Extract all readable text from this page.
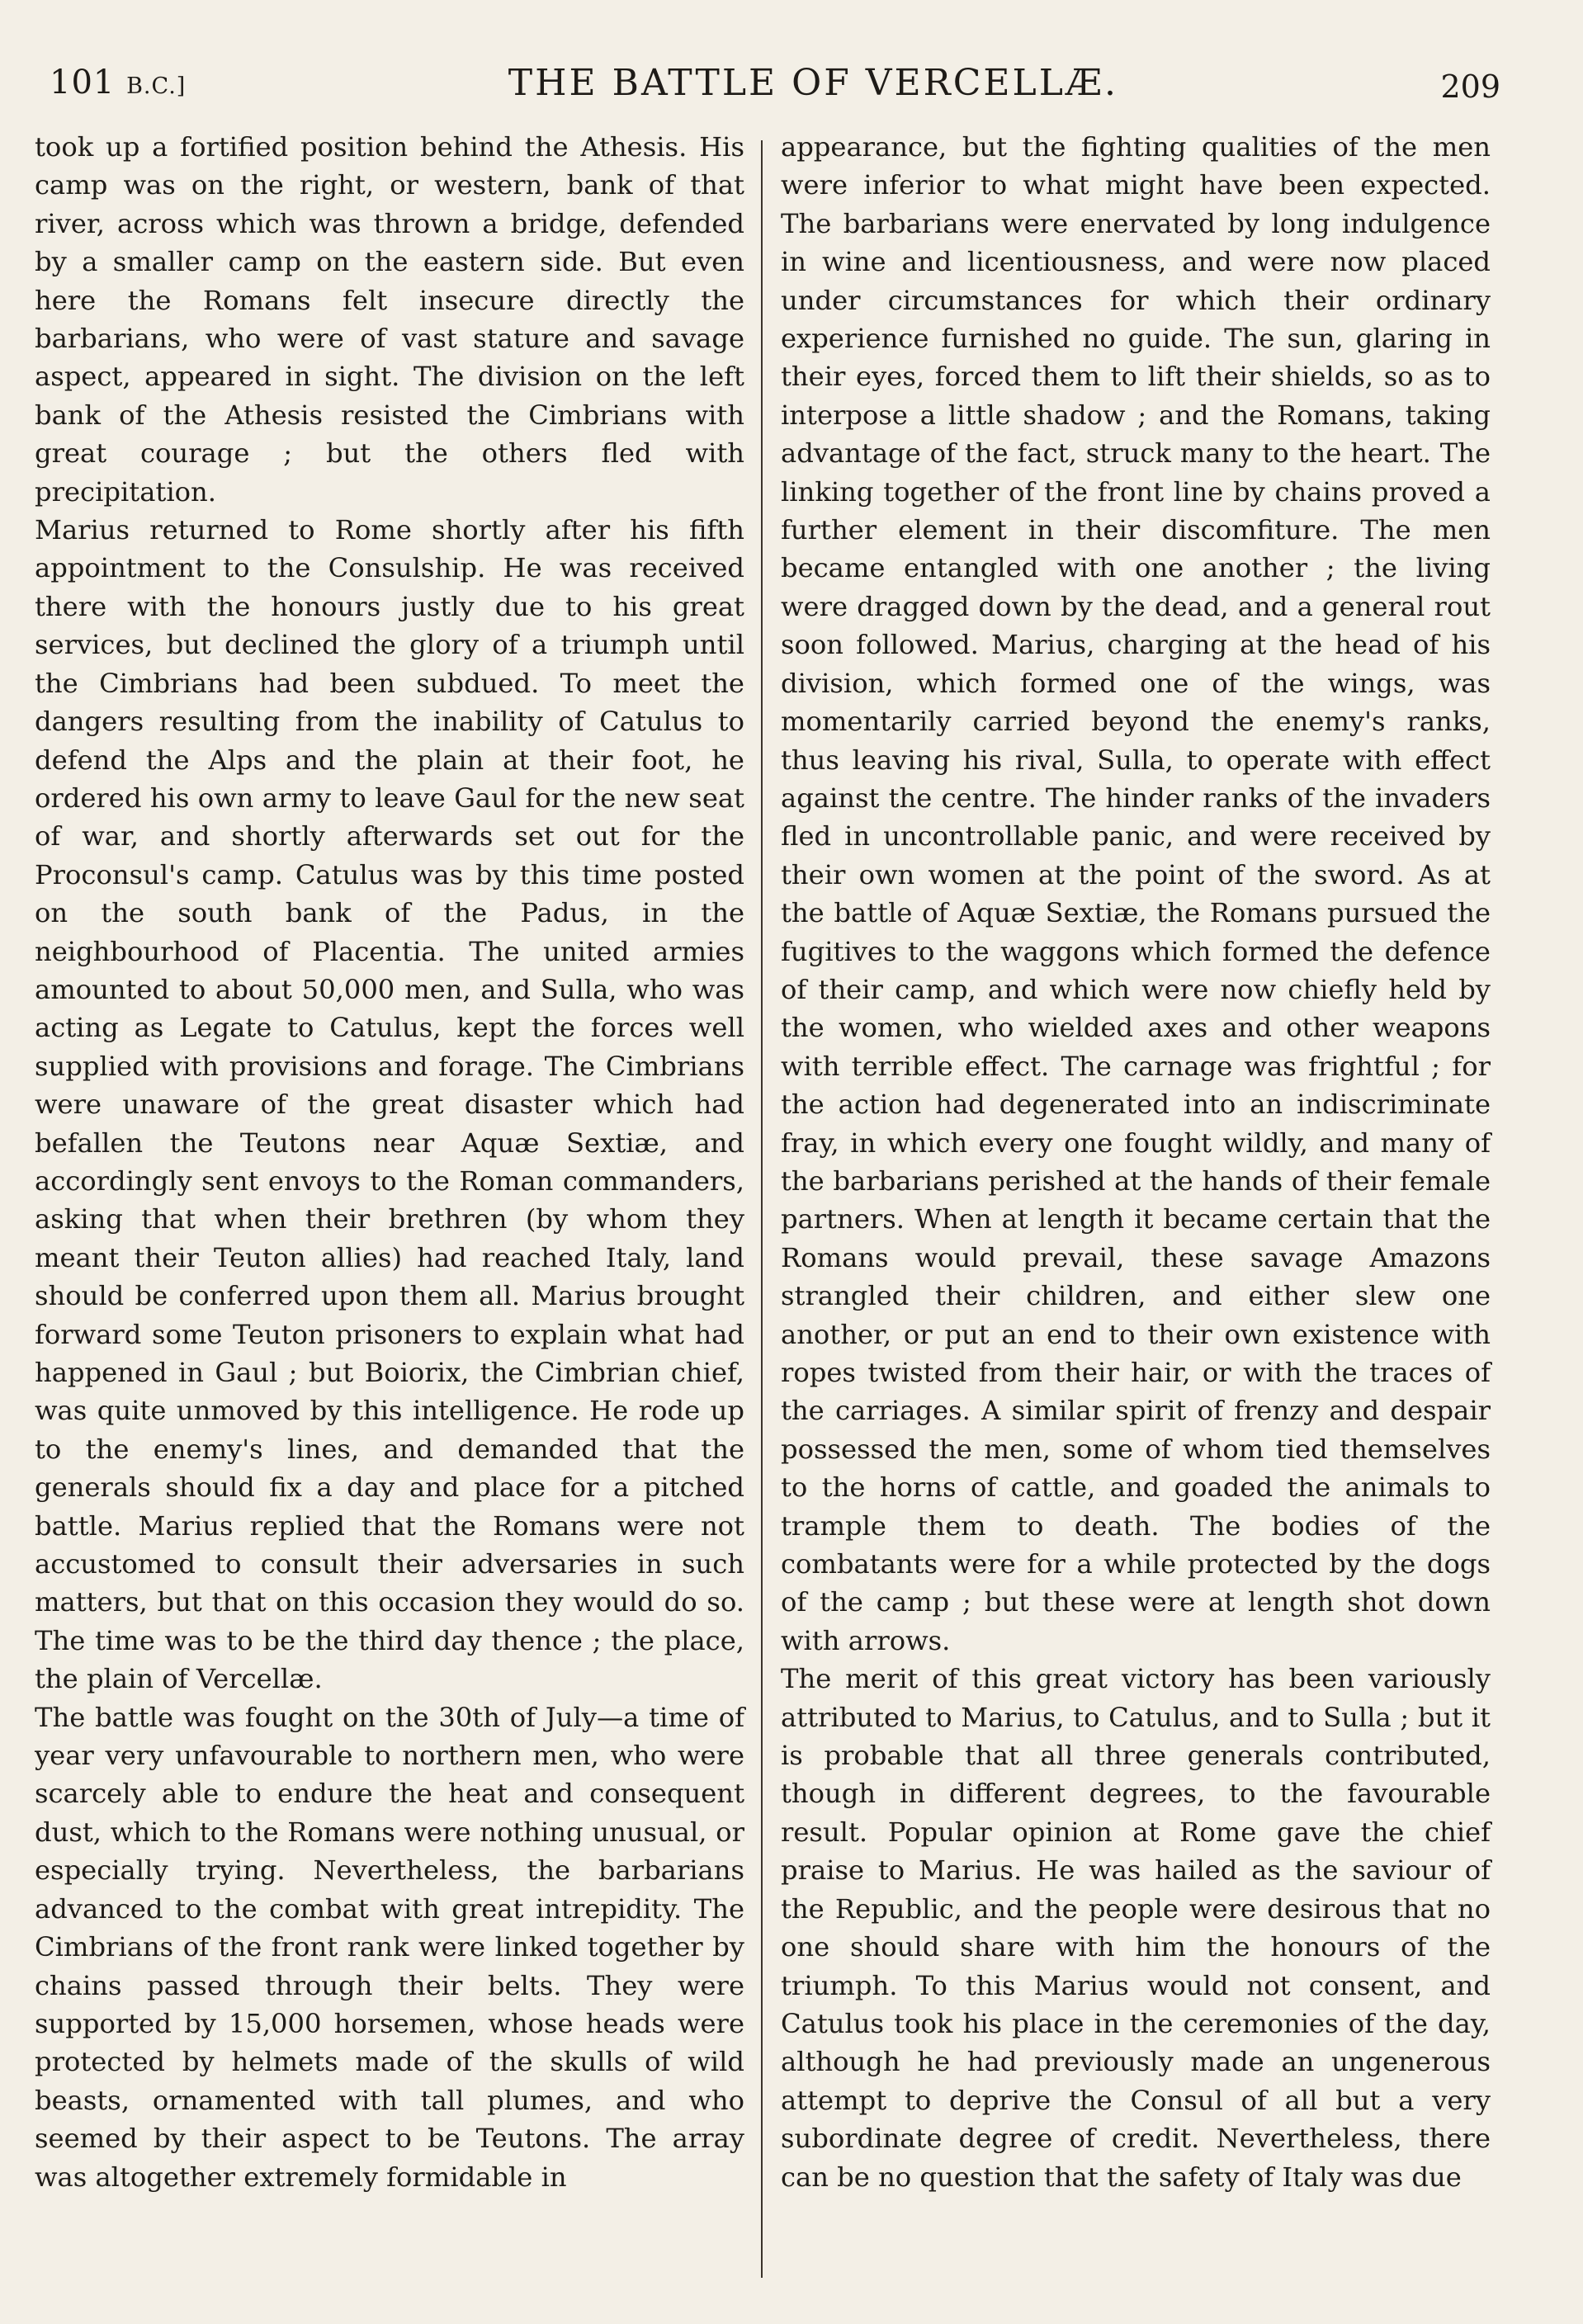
101 B.C.]	THE BATTLE OF VERCELLÆ.	209

took up a fortified position behind the Athesis. His camp was on the right, or western, bank of that river, across which was thrown a bridge, defended by a smaller camp on the eastern side. But even here the Romans felt insecure directly the barbarians, who were of vast stature and savage aspect, appeared in sight. The division on the left bank of the Athesis resisted the Cimbrians with great courage ; but the others fled with precipitation.

Marius returned to Rome shortly after his fifth appointment to the Consulship. He was received there with the honours justly due to his great services, but declined the glory of a triumph until the Cimbrians had been subdued. To meet the dangers resulting from the inability of Catulus to defend the Alps and the plain at their foot, he ordered his own army to leave Gaul for the new seat of war, and shortly afterwards set out for the Proconsul's camp. Catulus was by this time posted on the south bank of the Padus, in the neighbourhood of Placentia. The united armies amounted to about 50,000 men, and Sulla, who was acting as Legate to Catulus, kept the forces well supplied with provisions and forage. The Cimbrians were unaware of the great disaster which had befallen the Teutons near Aquæ Sextiæ, and accordingly sent envoys to the Roman commanders, asking that when their brethren (by whom they meant their Teuton allies) had reached Italy, land should be conferred upon them all. Marius brought forward some Teuton prisoners to explain what had happened in Gaul ; but Boiorix, the Cimbrian chief, was quite unmoved by this intelligence. He rode up to the enemy's lines, and demanded that the generals should fix a day and place for a pitched battle. Marius replied that the Romans were not accustomed to consult their adversaries in such matters, but that on this occasion they would do so. The time was to be the third day thence ; the place, the plain of Vercellæ.

The battle was fought on the 30th of July—a time of year very unfavourable to northern men, who were scarcely able to endure the heat and consequent dust, which to the Romans were nothing unusual, or especially trying. Nevertheless, the barbarians advanced to the combat with great intrepidity. The Cimbrians of the front rank were linked together by chains passed through their belts. They were supported by 15,000 horsemen, whose heads were protected by helmets made of the skulls of wild beasts, ornamented with tall plumes, and who seemed by their aspect to be Teutons. The array was altogether extremely formidable in

appearance, but the fighting qualities of the men were inferior to what might have been expected. The barbarians were enervated by long indulgence in wine and licentiousness, and were now placed under circumstances for which their ordinary experience furnished no guide. The sun, glaring in their eyes, forced them to lift their shields, so as to interpose a little shadow ; and the Romans, taking advantage of the fact, struck many to the heart. The linking together of the front line by chains proved a further element in their discomfiture. The men became entangled with one another ; the living were dragged down by the dead, and a general rout soon followed. Marius, charging at the head of his division, which formed one of the wings, was momentarily carried beyond the enemy's ranks, thus leaving his rival, Sulla, to operate with effect against the centre. The hinder ranks of the invaders fled in uncontrollable panic, and were received by their own women at the point of the sword. As at the battle of Aquæ Sextiæ, the Romans pursued the fugitives to the waggons which formed the defence of their camp, and which were now chiefly held by the women, who wielded axes and other weapons with terrible effect. The carnage was frightful ; for the action had degenerated into an indiscriminate fray, in which every one fought wildly, and many of the barbarians perished at the hands of their female partners. When at length it became certain that the Romans would prevail, these savage Amazons strangled their children, and either slew one another, or put an end to their own existence with ropes twisted from their hair, or with the traces of the carriages. A similar spirit of frenzy and despair possessed the men, some of whom tied themselves to the horns of cattle, and goaded the animals to trample them to death. The bodies of the combatants were for a while protected by the dogs of the camp ; but these were at length shot down with arrows.

The merit of this great victory has been variously attributed to Marius, to Catulus, and to Sulla ; but it is probable that all three generals contributed, though in different degrees, to the favourable result. Popular opinion at Rome gave the chief praise to Marius. He was hailed as the saviour of the Republic, and the people were desirous that no one should share with him the honours of the triumph. To this Marius would not consent, and Catulus took his place in the ceremonies of the day, although he had previously made an ungenerous attempt to deprive the Consul of all but a very subordinate degree of credit. Nevertheless, there can be no question that the safety of Italy was due
